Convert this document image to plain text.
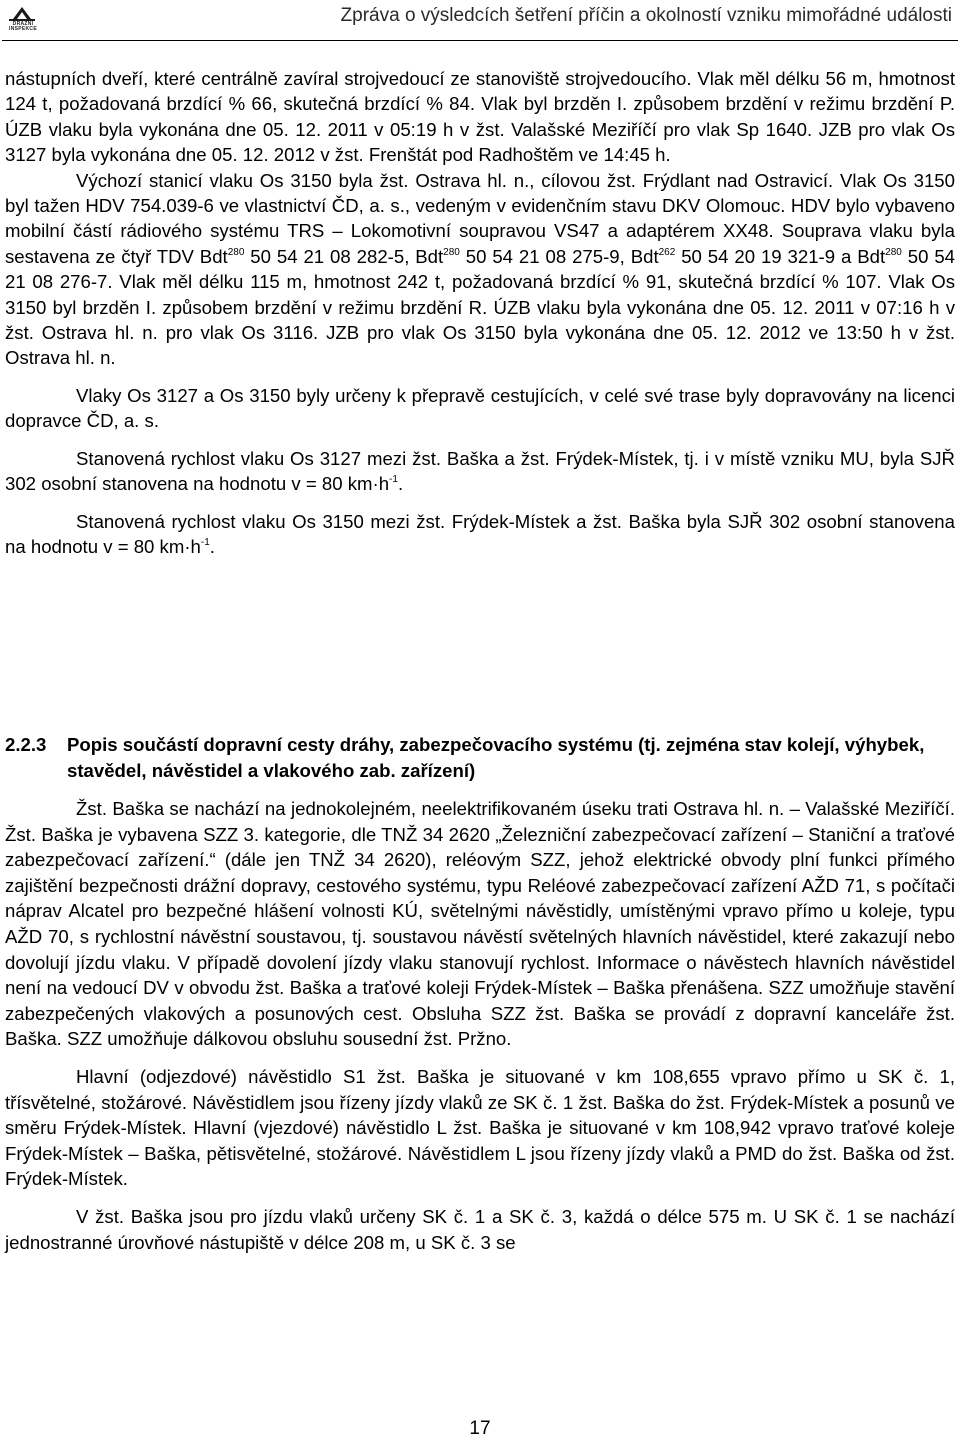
DRÁŽNÍ INSPEKCE
Zpráva o výsledcích šetření příčin a okolností vzniku mimořádné události

nástupních dveří, které centrálně zavíral strojvedoucí ze stanoviště strojvedoucího. Vlak měl délku 56 m, hmotnost 124 t, požadovaná brzdící % 66, skutečná brzdící % 84. Vlak byl brzděn I. způsobem brzdění v režimu brzdění P. ÚZB vlaku byla vykonána dne 05. 12. 2011 v 05:19 h v žst. Valašské Meziříčí pro vlak Sp 1640. JZB pro vlak Os 3127 byla vykonána dne 05. 12. 2012 v žst. Frenštát pod Radhoštěm ve 14:45 h.

Výchozí stanicí vlaku Os 3150 byla žst. Ostrava hl. n., cílovou žst. Frýdlant nad Ostravicí. Vlak Os 3150 byl tažen HDV 754.039-6 ve vlastnictví ČD, a. s., vedeným v evidenčním stavu DKV Olomouc. HDV bylo vybaveno mobilní částí rádiového systému TRS – Lokomotivní soupravou VS47 a adaptérem XX48. Souprava vlaku byla sestavena ze čtyř TDV Bdt$^{280}$ 50 54 21 08 282-5, Bdt$^{280}$ 50 54 21 08 275-9, Bdt$^{262}$ 50 54 20 19 321-9 a Bdt$^{280}$ 50 54 21 08 276-7. Vlak měl délku 115 m, hmotnost 242 t, požadovaná brzdící % 91, skutečná brzdící % 107. Vlak Os 3150 byl brzděn I. způsobem brzdění v režimu brzdění R. ÚZB vlaku byla vykonána dne 05. 12. 2011 v 07:16 h v žst. Ostrava hl. n. pro vlak Os 3116. JZB pro vlak Os 3150 byla vykonána dne 05. 12. 2012 ve 13:50 h v žst. Ostrava hl. n.

Vlaky Os 3127 a Os 3150 byly určeny k přepravě cestujících, v celé své trase byly dopravovány na licenci dopravce ČD, a. s.

Stanovená rychlost vlaku Os 3127 mezi žst. Baška a žst. Frýdek-Místek, tj. i v místě vzniku MU, byla SJŘ 302 osobní stanovena na hodnotu v = 80 $km\cdot h^{-1}$.

Stanovená rychlost vlaku Os 3150 mezi žst. Frýdek-Místek a žst. Baška byla SJŘ 302 osobní stanovena na hodnotu v = 80 $km\cdot h^{-1}$.

2.2.3 Popis součástí dopravní cesty dráhy, zabezpečovacího systému (tj. zejména stav kolejí, výhybek, stavědel, návěstidel a vlakového zab. zařízení)

Žst. Baška se nachází na jednokolejném, neelektrifikovaném úseku trati Ostrava hl. n. – Valašské Meziříčí. Žst. Baška je vybavena SZZ 3. kategorie, dle TNŽ 34 2620 „Železniční zabezpečovací zařízení – Staniční a traťové zabezpečovací zařízení.“ (dále jen TNŽ 34 2620), reléovým SZZ, jehož elektrické obvody plní funkci přímého zajištění bezpečnosti drážní dopravy, cestového systému, typu Reléové zabezpečovací zařízení AŽD 71, s počítači náprav Alcatel pro bezpečné hlášení volnosti KÚ, světelnými návěstidly, umístěnými vpravo přímo u koleje, typu AŽD 70, s rychlostní návěstní soustavou, tj. soustavou návěstí světelných hlavních návěstidel, které zakazují nebo dovolují jízdu vlaku. V případě dovolení jízdy vlaku stanovují rychlost. Informace o návěstech hlavních návěstidel není na vedoucí DV v obvodu žst. Baška a traťové koleji Frýdek-Místek – Baška přenášena. SZZ umožňuje stavění zabezpečených vlakových a posunových cest. Obsluha SZZ žst. Baška se provádí z dopravní kanceláře žst. Baška. SZZ umožňuje dálkovou obsluhu sousední žst. Pržno.

Hlavní (odjezdové) návěstidlo S1 žst. Baška je situované v km 108,655 vpravo přímo u SK č. 1, třísvětelné, stožárové. Návěstidlem jsou řízeny jízdy vlaků ze SK č. 1 žst. Baška do žst. Frýdek-Místek a posunů ve směru Frýdek-Místek. Hlavní (vjezdové) návěstidlo L žst. Baška je situované v km 108,942 vpravo traťové koleje Frýdek-Místek – Baška, pětisvětelné, stožárové. Návěstidlem L jsou řízeny jízdy vlaků a PMD do žst. Baška od žst. Frýdek-Místek.

V žst. Baška jsou pro jízdu vlaků určeny SK č. 1 a SK č. 3, každá o délce 575 m. U SK č. 1 se nachází jednostranné úrovňové nástupiště v délce 208 m, u SK č. 3 se

17
